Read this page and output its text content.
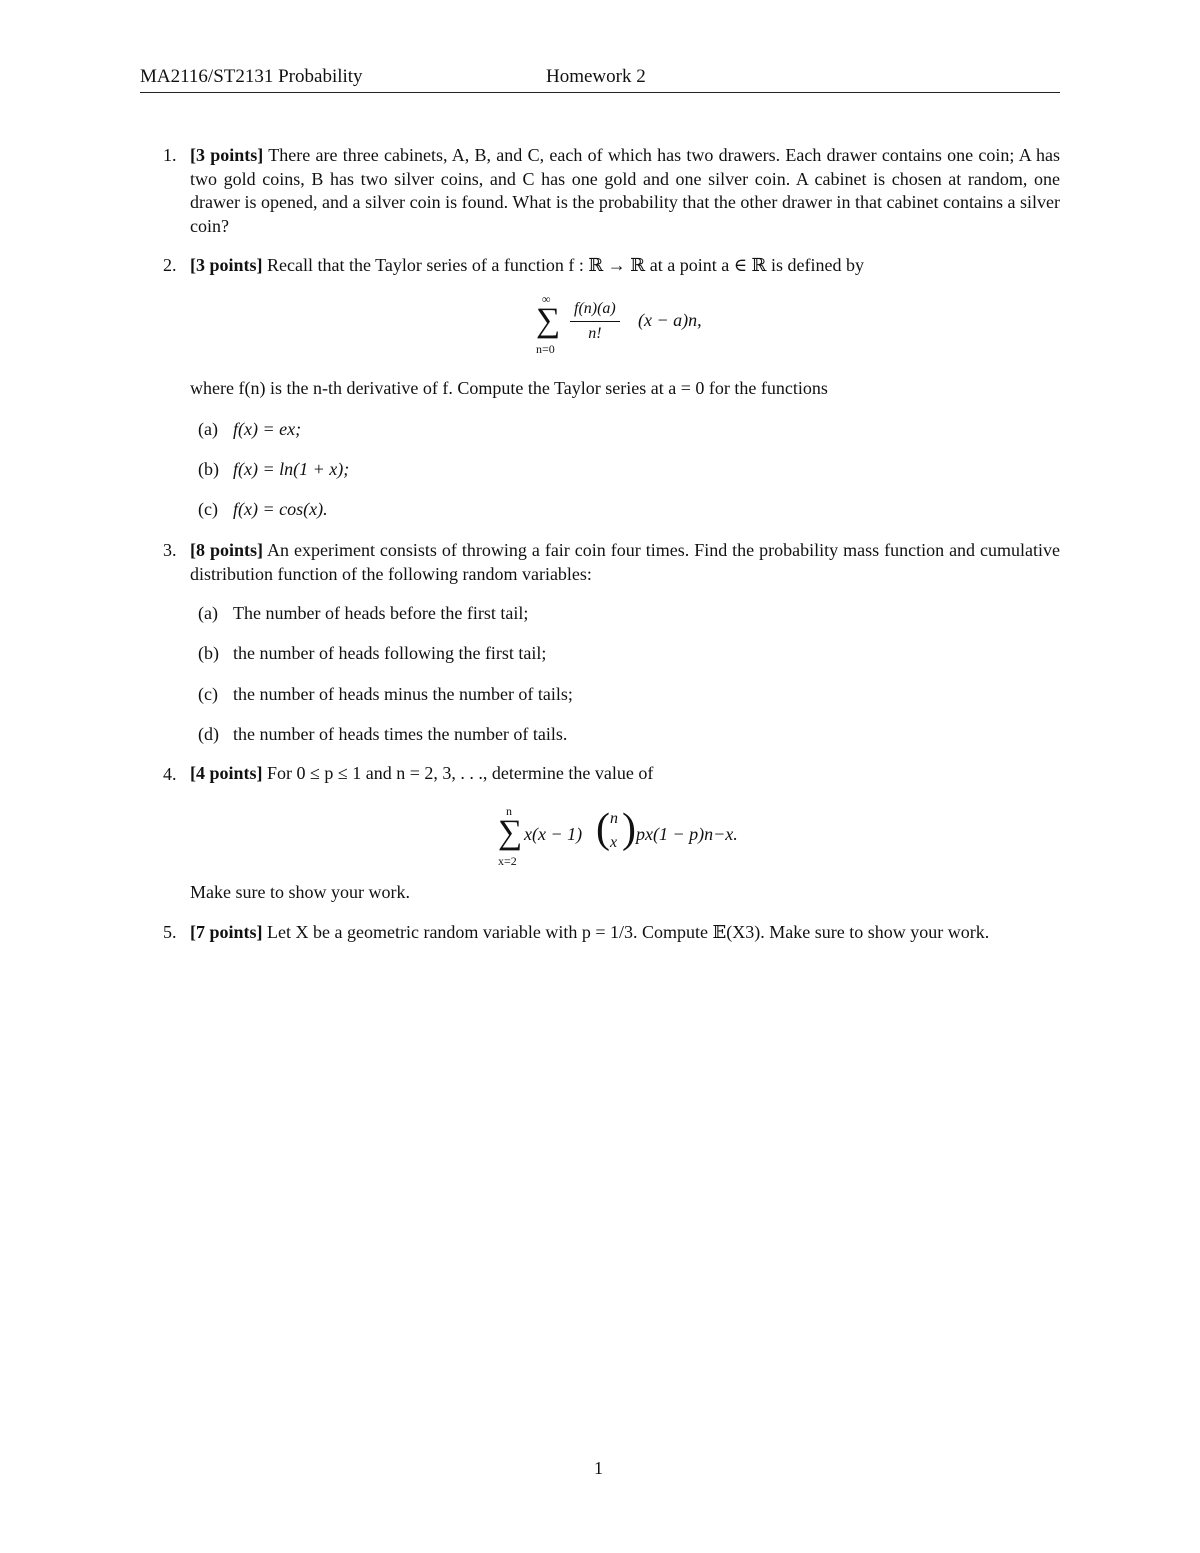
MA2116/ST2131 Probability	Homework 2
1. [3 points] There are three cabinets, A, B, and C, each of which has two drawers. Each drawer contains one coin; A has two gold coins, B has two silver coins, and C has one gold and one silver coin. A cabinet is chosen at random, one drawer is opened, and a silver coin is found. What is the probability that the other drawer in that cabinet contains a silver coin?
2. [3 points] Recall that the Taylor series of a function f : ℝ → ℝ at a point a ∈ ℝ is defined by
∞
∑
n=0
$\frac{f(n)(a)}{n!} (x - a)n$,
where f(n) is the n-th derivative of f. Compute the Taylor series at a = 0 for the functions
(a) f(x) = ex;
(b) f(x) = ln(1 + x);
(c) f(x) = cos(x).
3. [8 points] An experiment consists of throwing a fair coin four times. Find the probability mass function and cumulative distribution function of the following random variables:
(a) The number of heads before the first tail;
(b) the number of heads following the first tail;
(c) the number of heads minus the number of tails;
(d) the number of heads times the number of tails.
4. [4 points] For 0 ≤ p ≤ 1 and n = 2, 3, . . ., determine the value of
n
∑
x=2
x(x − 1) ( n
x ) px(1 − p)n−x.
Make sure to show your work.
5. [7 points] Let X be a geometric random variable with p = 1/3. Compute 𝔼(X3). Make sure to show your work.
1
